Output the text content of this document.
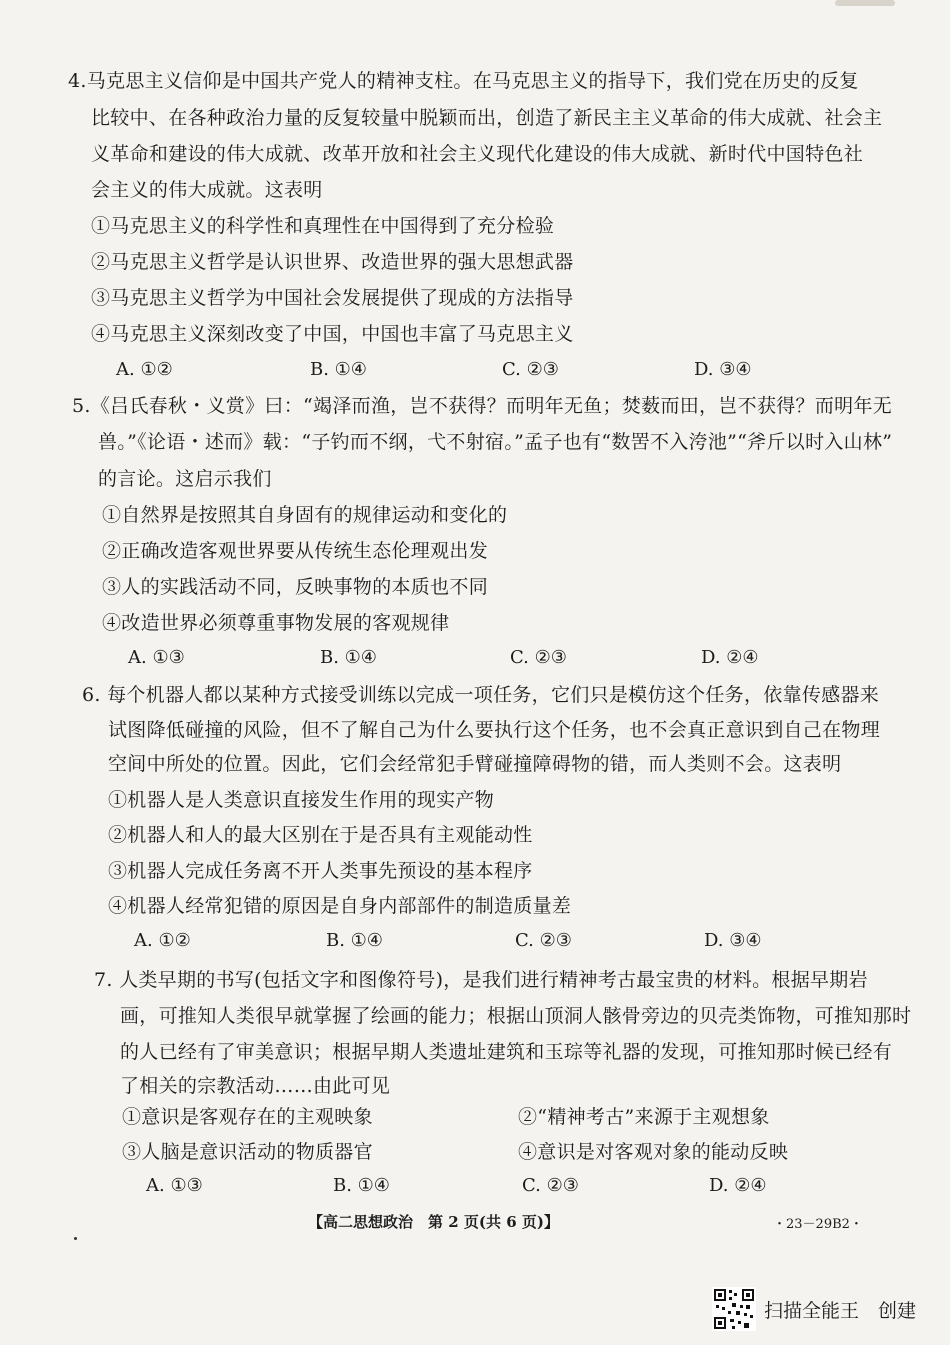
4.马克思主义信仰是中国共产党人的精神支柱。在马克思主义的指导下，我们党在历史的反复
比较中、在各种政治力量的反复较量中脱颖而出，创造了新民主主义革命的伟大成就、社会主
义革命和建设的伟大成就、改革开放和社会主义现代化建设的伟大成就、新时代中国特色社
会主义的伟大成就。这表明
①马克思主义的科学性和真理性在中国得到了充分检验
②马克思主义哲学是认识世界、改造世界的强大思想武器
③马克思主义哲学为中国社会发展提供了现成的方法指导
④马克思主义深刻改变了中国，中国也丰富了马克思主义
A. ①②	B. ①④	C. ②③	D. ③④
5.《吕氏春秋・义赏》曰：“竭泽而渔，岂不获得？而明年无鱼；焚薮而田，岂不获得？而明年无
兽。”《论语・述而》载：“子钓而不纲，弋不射宿。”孟子也有“数罟不入洿池”“斧斤以时入山林”
的言论。这启示我们
①自然界是按照其自身固有的规律运动和变化的
②正确改造客观世界要从传统生态伦理观出发
③人的实践活动不同，反映事物的本质也不同
④改造世界必须尊重事物发展的客观规律
A. ①③	B. ①④	C. ②③	D. ②④
6. 每个机器人都以某种方式接受训练以完成一项任务，它们只是模仿这个任务，依靠传感器来
试图降低碰撞的风险，但不了解自己为什么要执行这个任务，也不会真正意识到自己在物理
空间中所处的位置。因此，它们会经常犯手臂碰撞障碍物的错，而人类则不会。这表明
①机器人是人类意识直接发生作用的现实产物
②机器人和人的最大区别在于是否具有主观能动性
③机器人完成任务离不开人类事先预设的基本程序
④机器人经常犯错的原因是自身内部部件的制造质量差
A. ①②	B. ①④	C. ②③	D. ③④
7. 人类早期的书写(包括文字和图像符号)，是我们进行精神考古最宝贵的材料。根据早期岩
画，可推知人类很早就掌握了绘画的能力；根据山顶洞人骸骨旁边的贝壳类饰物，可推知那时
的人已经有了审美意识；根据早期人类遗址建筑和玉琮等礼器的发现，可推知那时候已经有
了相关的宗教活动……由此可见
①意识是客观存在的主观映象	②“精神考古”来源于主观想象
③人脑是意识活动的物质器官	④意识是对客观对象的能动反映
A. ①③	B. ①④	C. ②③	D. ②④
【高二思想政治　第 2 页(共 6 页)】	・23－29B2・
扫描全能王　创建
